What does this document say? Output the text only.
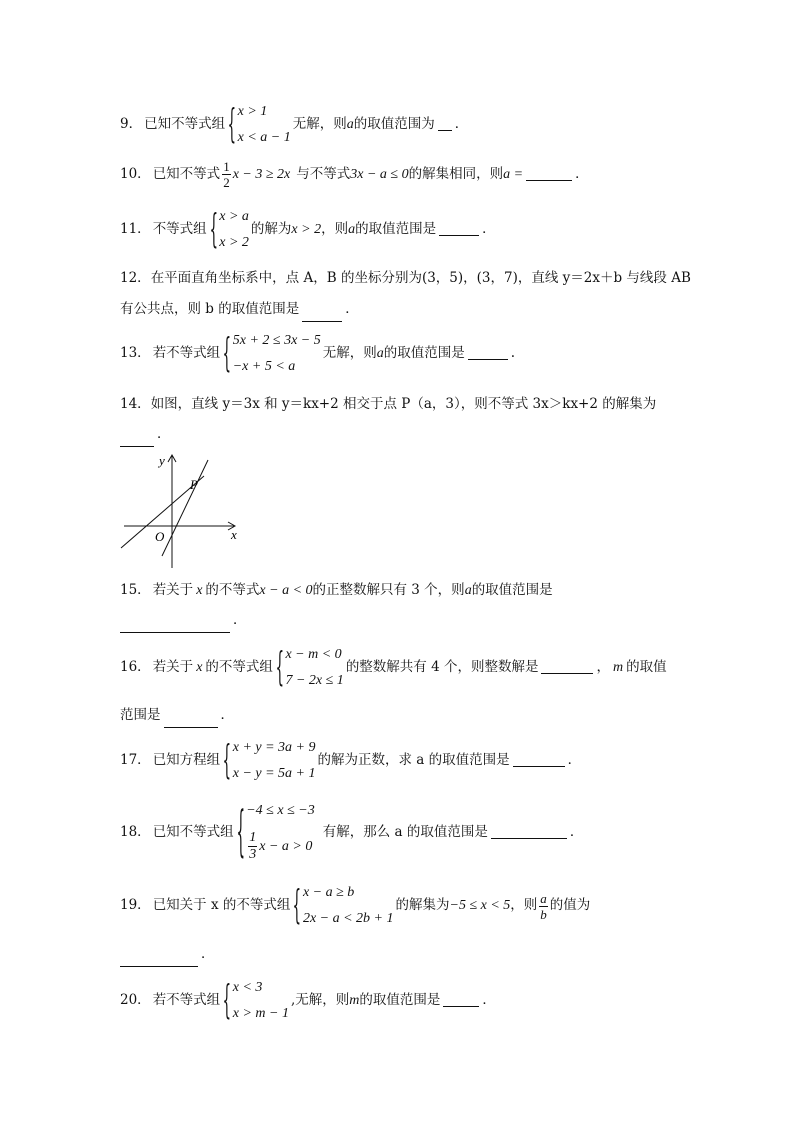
9． 已知不等式组 { x > 1
x < a − 1
无解，则 a 的取值范围为 ．
10． 已知不等式 $\frac{1}{2}$ x − 3 ≥ 2x 与不等式 3x − a ≤ 0 的解集相同，则 a =	．
11． 不等式组 { x > a
x > 2
的解为 x > 2 ，则 a 的取值范围是	．
12．在平面直角坐标系中，点 A，B 的坐标分别为(3，5)，(3，7)，直线 y＝2x＋b 与线段 AB
有公共点，则 b 的取值范围是	．
13． 若不等式组 { 5x + 2 ≤ 3x − 5
−x + 5 < a
无解，则 a 的取值范围是	.
14．如图，直线 y＝3x 和 y＝kx+2 相交于点 P（a，3），则不等式 3x＞kx+2 的解集为
．
y
x
O
P
15． 若关于 x 的不等式 x − a < 0 的正整数解只有 3 个，则 a 的取值范围是
．
16． 若关于 x 的不等式组 { x − m < 0
7 − 2x ≤ 1
的整数解共有 4 个，则整数解是	， m 的取值
范围是	．
17． 已知方程组 { x + y = 3a + 9
x − y = 5a + 1
的解为正数，求 a 的取值范围是	．
18． 已知不等式组 { −4 ≤ x ≤ −3
$\frac{1}{3}$ x − a > 0
有解，那么 a 的取值范围是	．
19． 已知关于 x 的不等式组 { x − a ≥ b
2x − a < 2b + 1
的解集为 −5 ≤ x < 5 ，则 $\frac{a}{b}$ 的值为
．
20． 若不等式组 { x < 3
x > m − 1
,无解，则 m 的取值范围是	．
